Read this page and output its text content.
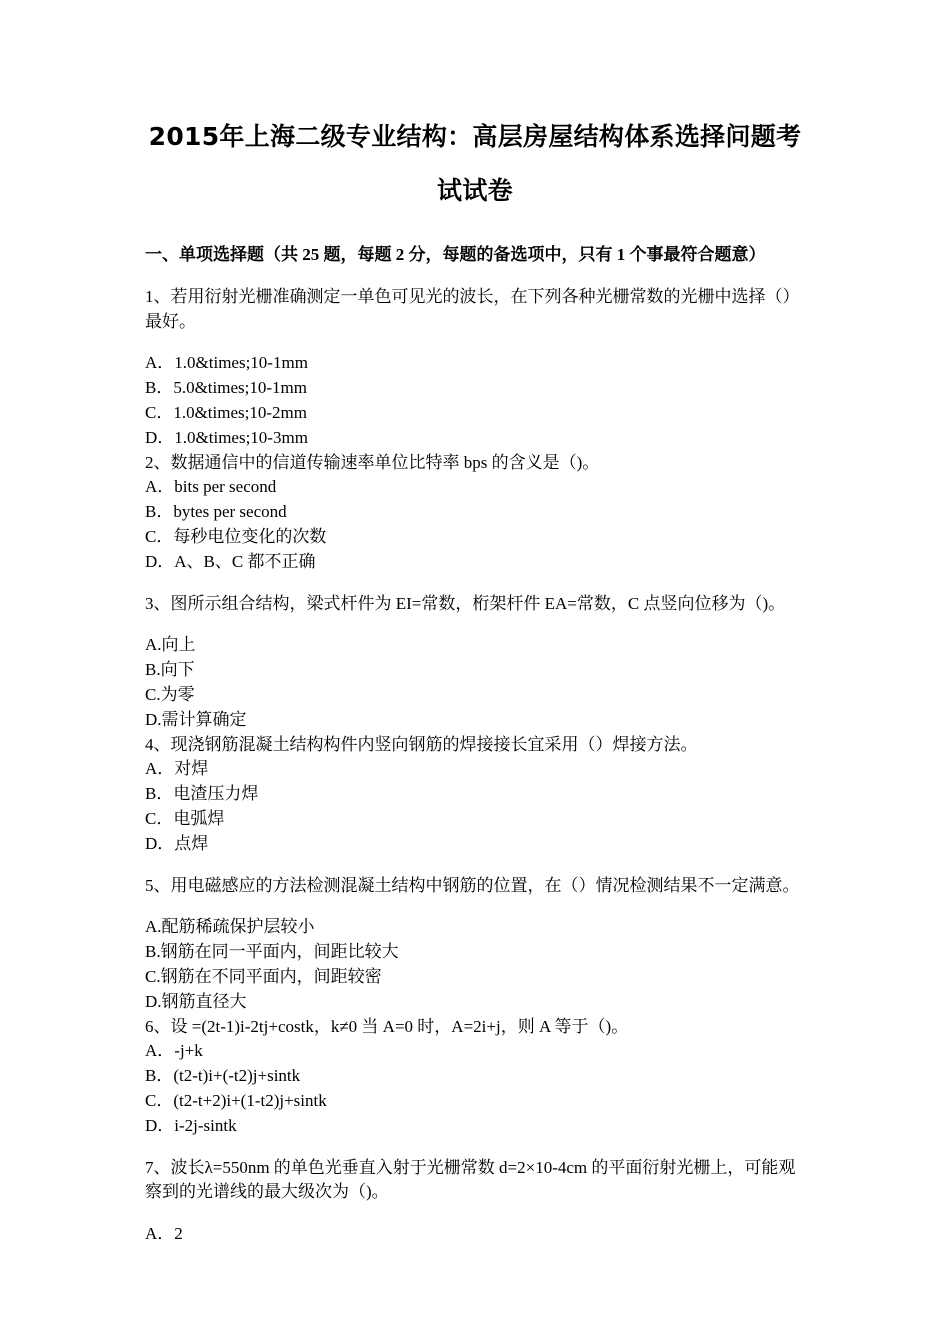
2015年上海二级专业结构：高层房屋结构体系选择问题考
试试卷

一、单项选择题（共 25 题，每题 2 分，每题的备选项中，只有 1 个事最符合题意）

1、若用衍射光栅准确测定一单色可见光的波长，在下列各种光栅常数的光栅中选择（）最好。

A．1.0&times;10-1mm

B．5.0&times;10-1mm

C．1.0&times;10-2mm

D．1.0&times;10-3mm

2、数据通信中的信道传输速率单位比特率 bps 的含义是（)。

A．bits per second

B．bytes per second

C．每秒电位变化的次数

D．A、B、C 都不正确

3、图所示组合结构，梁式杆件为 EI=常数，桁架杆件 EA=常数，C 点竖向位移为（)。

A.向上

B.向下

C.为零

D.需计算确定

4、现浇钢筋混凝土结构构件内竖向钢筋的焊接接长宜采用（）焊接方法。

A．对焊

B．电渣压力焊

C．电弧焊

D．点焊

5、用电磁感应的方法检测混凝土结构中钢筋的位置，在（）情况检测结果不一定满意。

A.配筋稀疏保护层较小

B.钢筋在同一平面内，间距比较大

C.钢筋在不同平面内，间距较密

D.钢筋直径大

6、设 =(2t-1)i-2tj+costk，k≠0 当 A=0 时，A=2i+j，则 A 等于（)。

A．-j+k

B．(t2-t)i+(-t2)j+sintk

C．(t2-t+2)i+(1-t2)j+sintk

D．i-2j-sintk

7、波长λ=550nm 的单色光垂直入射于光栅常数 d=2×10-4cm 的平面衍射光栅上，可能观察到的光谱线的最大级次为（)。

A．2
